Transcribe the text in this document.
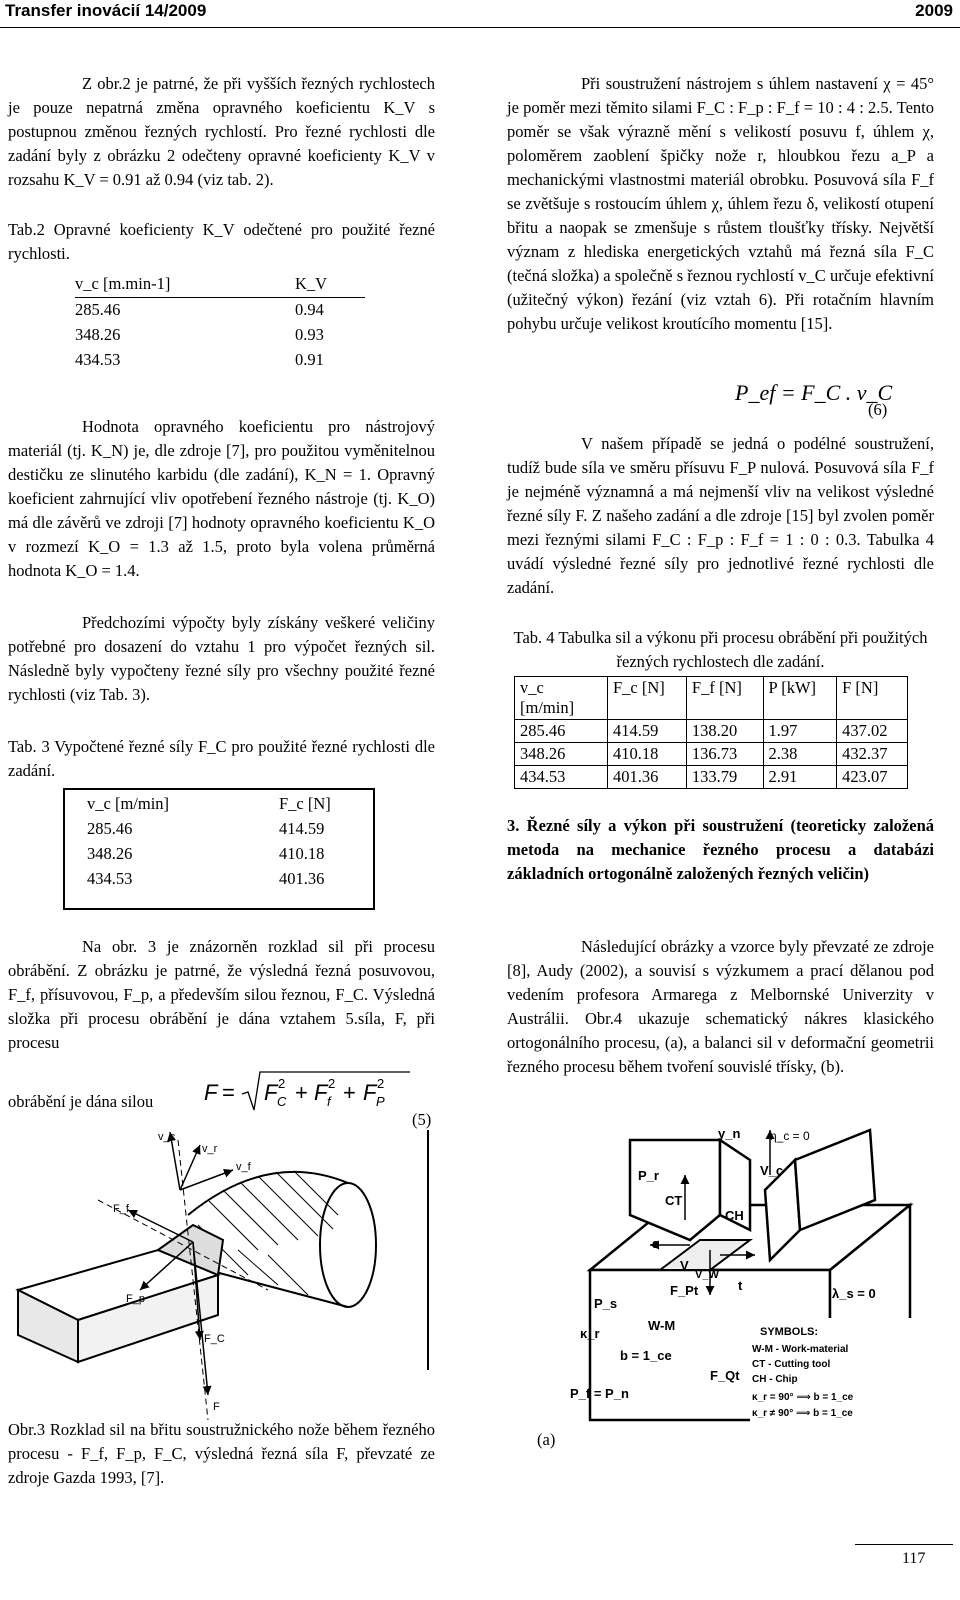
Transfer inovácií 14/2009	2009

Z obr.2 je patrné, že při vyšších řezných rychlostech je pouze nepatrná změna opravného koeficientu K_V s postupnou změnou řezných rychlostí. Pro řezné rychlosti dle zadání byly z obrázku 2 odečteny opravné koeficienty K_V v rozsahu K_V = 0.91 až 0.94 (viz tab. 2).

Tab.2 Opravné koeficienty K_V odečtené pro použité řezné rychlosti.

v_c [m.min-1]	K_V

285.46	0.94
348.26	0.93
434.53	0.91

Hodnota opravného koeficientu pro nástrojový materiál (tj. K_N) je, dle zdroje [7], pro použitou vyměnitelnou destičku ze slinutého karbidu (dle zadání), K_N = 1. Opravný koeficient zahrnující vliv opotřebení řezného nástroje (tj. K_O) má dle závěrů ve zdroji [7] hodnoty opravného koeficientu K_O v rozmezí K_O = 1.3 až 1.5, proto byla volena průměrná hodnota K_O = 1.4.

Předchozími výpočty byly získány veškeré veličiny potřebné pro dosazení do vztahu 1 pro výpočet řezných sil. Následně byly vypočteny řezné síly pro všechny použité řezné rychlosti (viz Tab. 3).

Tab. 3 Vypočtené řezné síly F_C pro použité řezné rychlosti dle zadání.

v_c [m/min]	F_c [N]
285.46	414.59
348.26	410.18
434.53	401.36

Na obr. 3 je znázorněn rozklad sil při procesu obrábění. Z obrázku je patrné, že výsledná řezná posuvovou, F_f, přísuvovou, F_p, a především silou řeznou, F_C. Výsledná složka při procesu obrábění je dána vztahem 5.síla, F, při procesu

obrábění je dána silou	F = F C
2 + F f
2 + F P
2
(5)
v_c
v_r
v_f
F_f
F_p
F_C
F
Obr.3 Rozklad sil na břitu soustružnického nože během řezného procesu - F_f, F_p, F_C, výsledná řezná síla F, převzaté ze zdroje Gazda 1993, [7].

Při soustružení nástrojem s úhlem nastavení χ = 45° je poměr mezi těmito silami F_C : F_p : F_f = 10 : 4 : 2.5. Tento poměr se však výrazně mění s velikostí posuvu f, úhlem χ, poloměrem zaoblení špičky nože r, hloubkou řezu a_P a mechanickými vlastnostmi materiál obrobku. Posuvová síla F_f se zvětšuje s rostoucím úhlem χ, úhlem řezu δ, velikostí otupení břitu a naopak se zmenšuje s růstem tloušťky třísky. Největší význam z hlediska energetických vztahů má řezná síla F_C (tečná složka) a společně s řeznou rychlostí v_C určuje efektivní (užitečný výkon) řezání (viz vztah 6). Při rotačním hlavním pohybu určuje velikost kroutícího momentu [15].

P_ef = F_C . v_C
(6)

V našem případě se jedná o podélné soustružení, tudíž bude síla ve směru přísuvu F_P nulová. Posuvová síla F_f je nejméně významná a má nejmenší vliv na velikost výsledné řezné síly F. Z našeho zadání a dle zdroje [15] byl zvolen poměr mezi řeznými silami F_C : F_p : F_f = 1 : 0 : 0.3. Tabulka 4 uvádí výsledné řezné síly pro jednotlivé řezné rychlosti dle zadání.

Tab. 4 Tabulka sil a výkonu při procesu obrábění při použitých řezných rychlostech dle zadání.

v_c [m/min]	F_c [N]	F_f [N]	P [kW]	F [N]
285.46	414.59	138.20	1.97	437.02
348.26	410.18	136.73	2.38	432.37
434.53	401.36	133.79	2.91	423.07

3. Řezné síly a výkon při soustružení (teoreticky založená metoda na mechanice řezného procesu a databázi základních ortogonálně založených řezných veličin)

Následující obrázky a vzorce byly převzaté ze zdroje [8], Audy (2002), a souvisí s výzkumem a prací dělanou pod vedením profesora Armarega z Melbornské Univerzity v Austrálii. Obr.4 ukazuje schematický nákres klasického ortogonálního procesu, (a), a balanci sil v deformační geometrii řezného procesu během tvoření souvislé třísky, (b).

γ_n η_c = 0
P_r	V_c
CT
CH
s
V
V_W
F_Pt	t
λ_s = 0
P_s
κ_r
W-M
b = 1_ce
F_Qt
P_f = P_n
SYMBOLS:
W-M - Work-material
CT - Cutting tool
CH - Chip
κ_r = 90° ⟹ b = 1_ce
κ_r ≠ 90° ⟹ b = 1_ce
(a)
117
